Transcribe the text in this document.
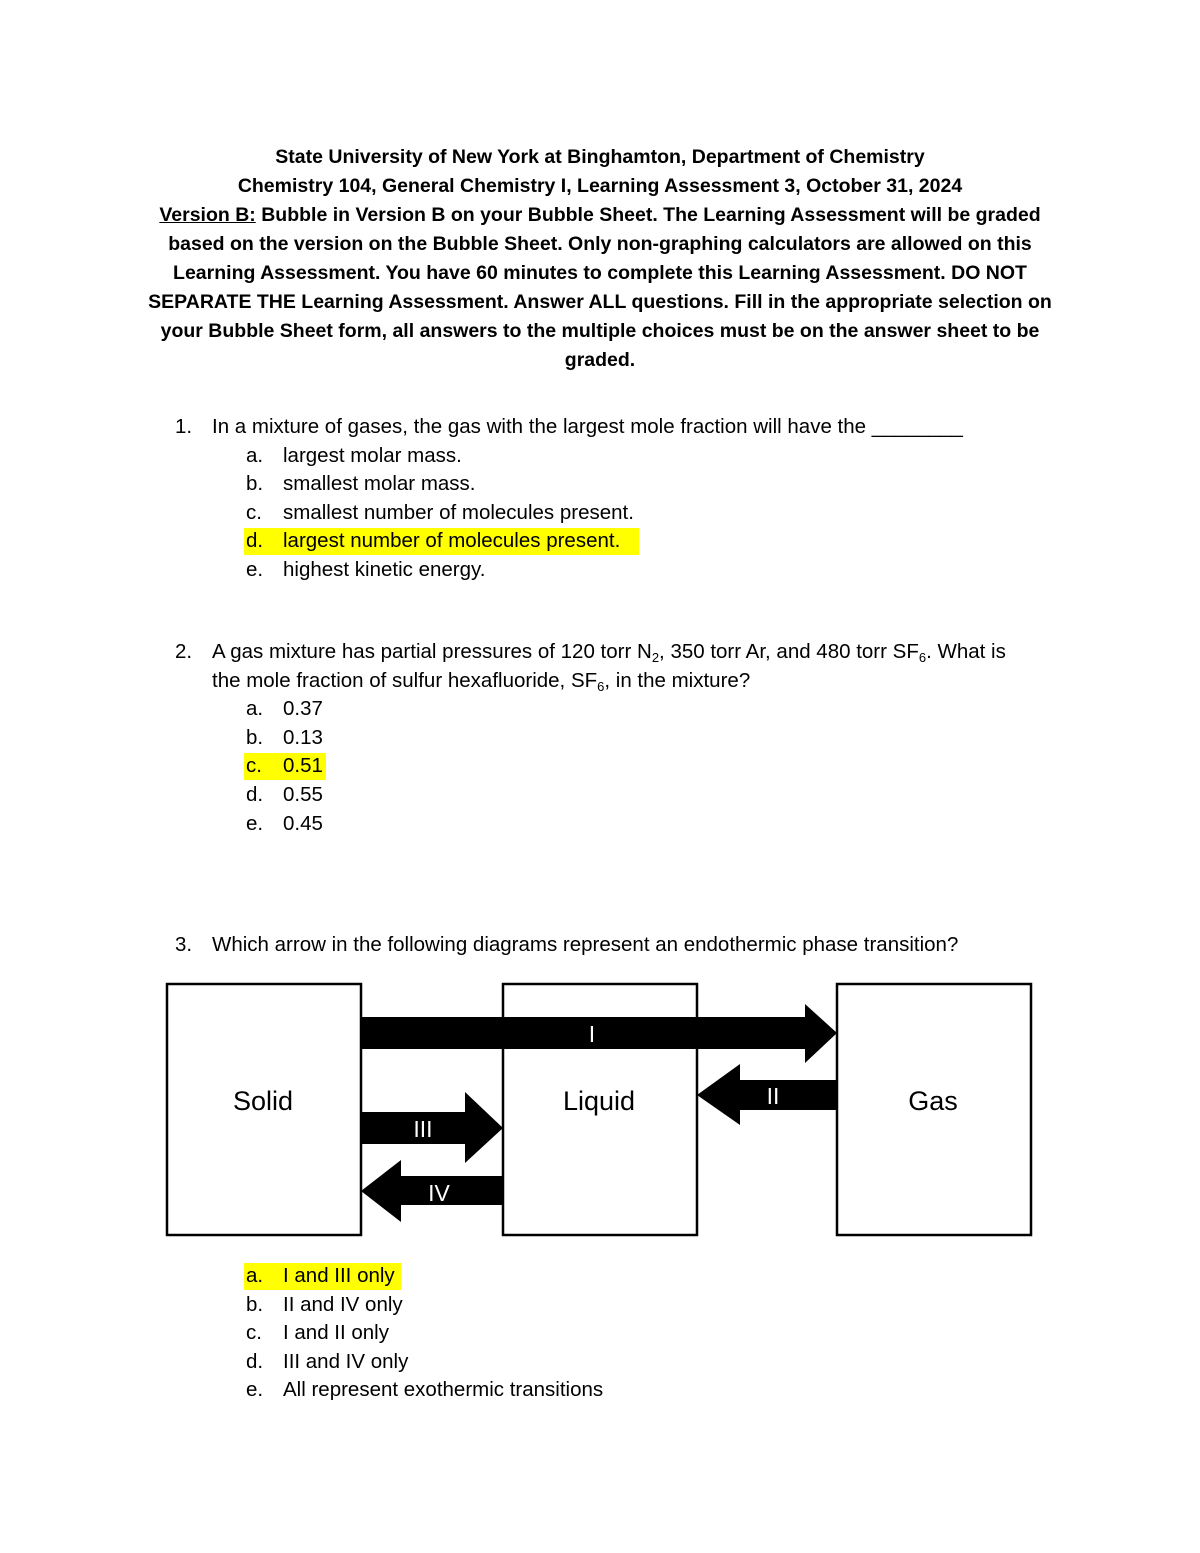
State University of New York at Binghamton, Department of Chemistry
Chemistry 104, General Chemistry I, Learning Assessment 3, October 31, 2024
Version B: Bubble in Version B on your Bubble Sheet. The Learning Assessment will be graded based on the version on the Bubble Sheet. Only non-graphing calculators are allowed on this Learning Assessment. You have 60 minutes to complete this Learning Assessment. DO NOT SEPARATE THE Learning Assessment. Answer ALL questions. Fill in the appropriate selection on your Bubble Sheet form, all answers to the multiple choices must be on the answer sheet to be graded.
1. In a mixture of gases, the gas with the largest mole fraction will have the ________
a. largest molar mass.
b. smallest molar mass.
c. smallest number of molecules present.
d. largest number of molecules present.
e. highest kinetic energy.
2. A gas mixture has partial pressures of 120 torr $N_2$, 350 torr Ar, and 480 torr $SF_6$. What is
the mole fraction of sulfur hexafluoride, $SF_6$, in the mixture?
a. 0.37
b. 0.13
c. 0.51
d. 0.55
e. 0.45
3. Which arrow in the following diagrams represent an endothermic phase transition?
Solid	Liquid	Gas
I
II
III
IV
a. I and III only
b. II and IV only
c. I and II only
d. III and IV only
e. All represent exothermic transitions
